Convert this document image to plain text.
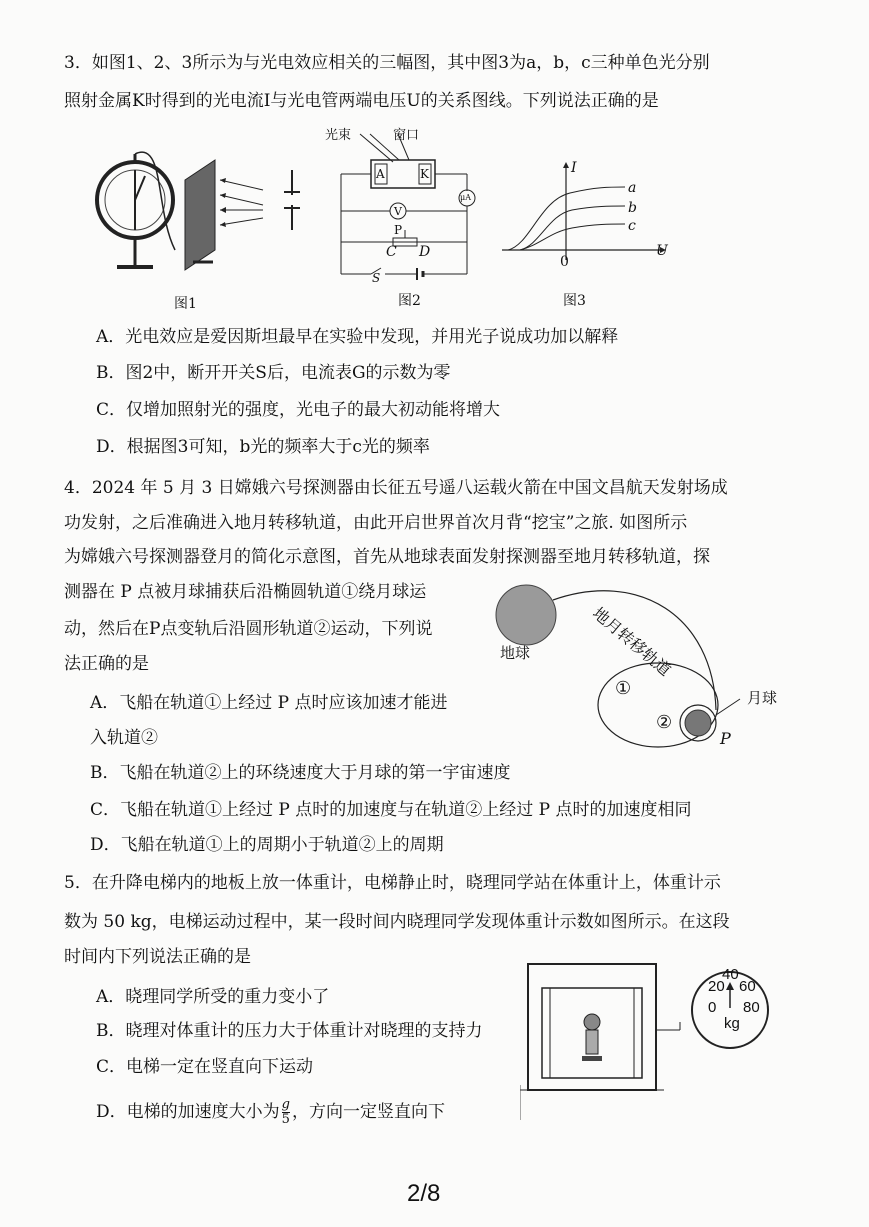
3．如图1、2、3所示为与光电效应相关的三幅图，其中图3为a，b，c三种单色光分别
照射金属K时得到的光电流I与光电管两端电压U的关系图线。下列说法正确的是
图1
光束	窗口
A	K
μA
V
P
C D
S
图2
I
U
0
a
b
c
图3
A．光电效应是爱因斯坦最早在实验中发现，并用光子说成功加以解释
B．图2中，断开开关S后，电流表G的示数为零
C．仅增加照射光的强度，光电子的最大初动能将增大
D．根据图3可知，b光的频率大于c光的频率
4．2024 年 5 月 3 日嫦娥六号探测器由长征五号遥八运载火箭在中国文昌航天发射场成
功发射，之后准确进入地月转移轨道，由此开启世界首次月背“挖宝”之旅. 如图所示
为嫦娥六号探测器登月的简化示意图，首先从地球表面发射探测器至地月转移轨道，探
测器在 P 点被月球捕获后沿椭圆轨道①绕月球运
动，然后在P点变轨后沿圆形轨道②运动，下列说
法正确的是
地球	地月转移轨道
月球
①
②
P
A．飞船在轨道①上经过 P 点时应该加速才能进
入轨道②
B．飞船在轨道②上的环绕速度大于月球的第一宇宙速度
C．飞船在轨道①上经过 P 点时的加速度与在轨道②上经过 P 点时的加速度相同
D．飞船在轨道①上的周期小于轨道②上的周期
5．在升降电梯内的地板上放一体重计，电梯静止时，晓理同学站在体重计上，体重计示
数为 50 kg，电梯运动过程中，某一段时间内晓理同学发现体重计示数如图所示。在这段
时间内下列说法正确的是
A．晓理同学所受的重力变小了
B．晓理对体重计的压力大于体重计对晓理的支持力
C．电梯一定在竖直向下运动
D．电梯的加速度大小为 $\frac{g}{5}$ ，方向一定竖直向下
0
20
40
60
80
kg
2/8
